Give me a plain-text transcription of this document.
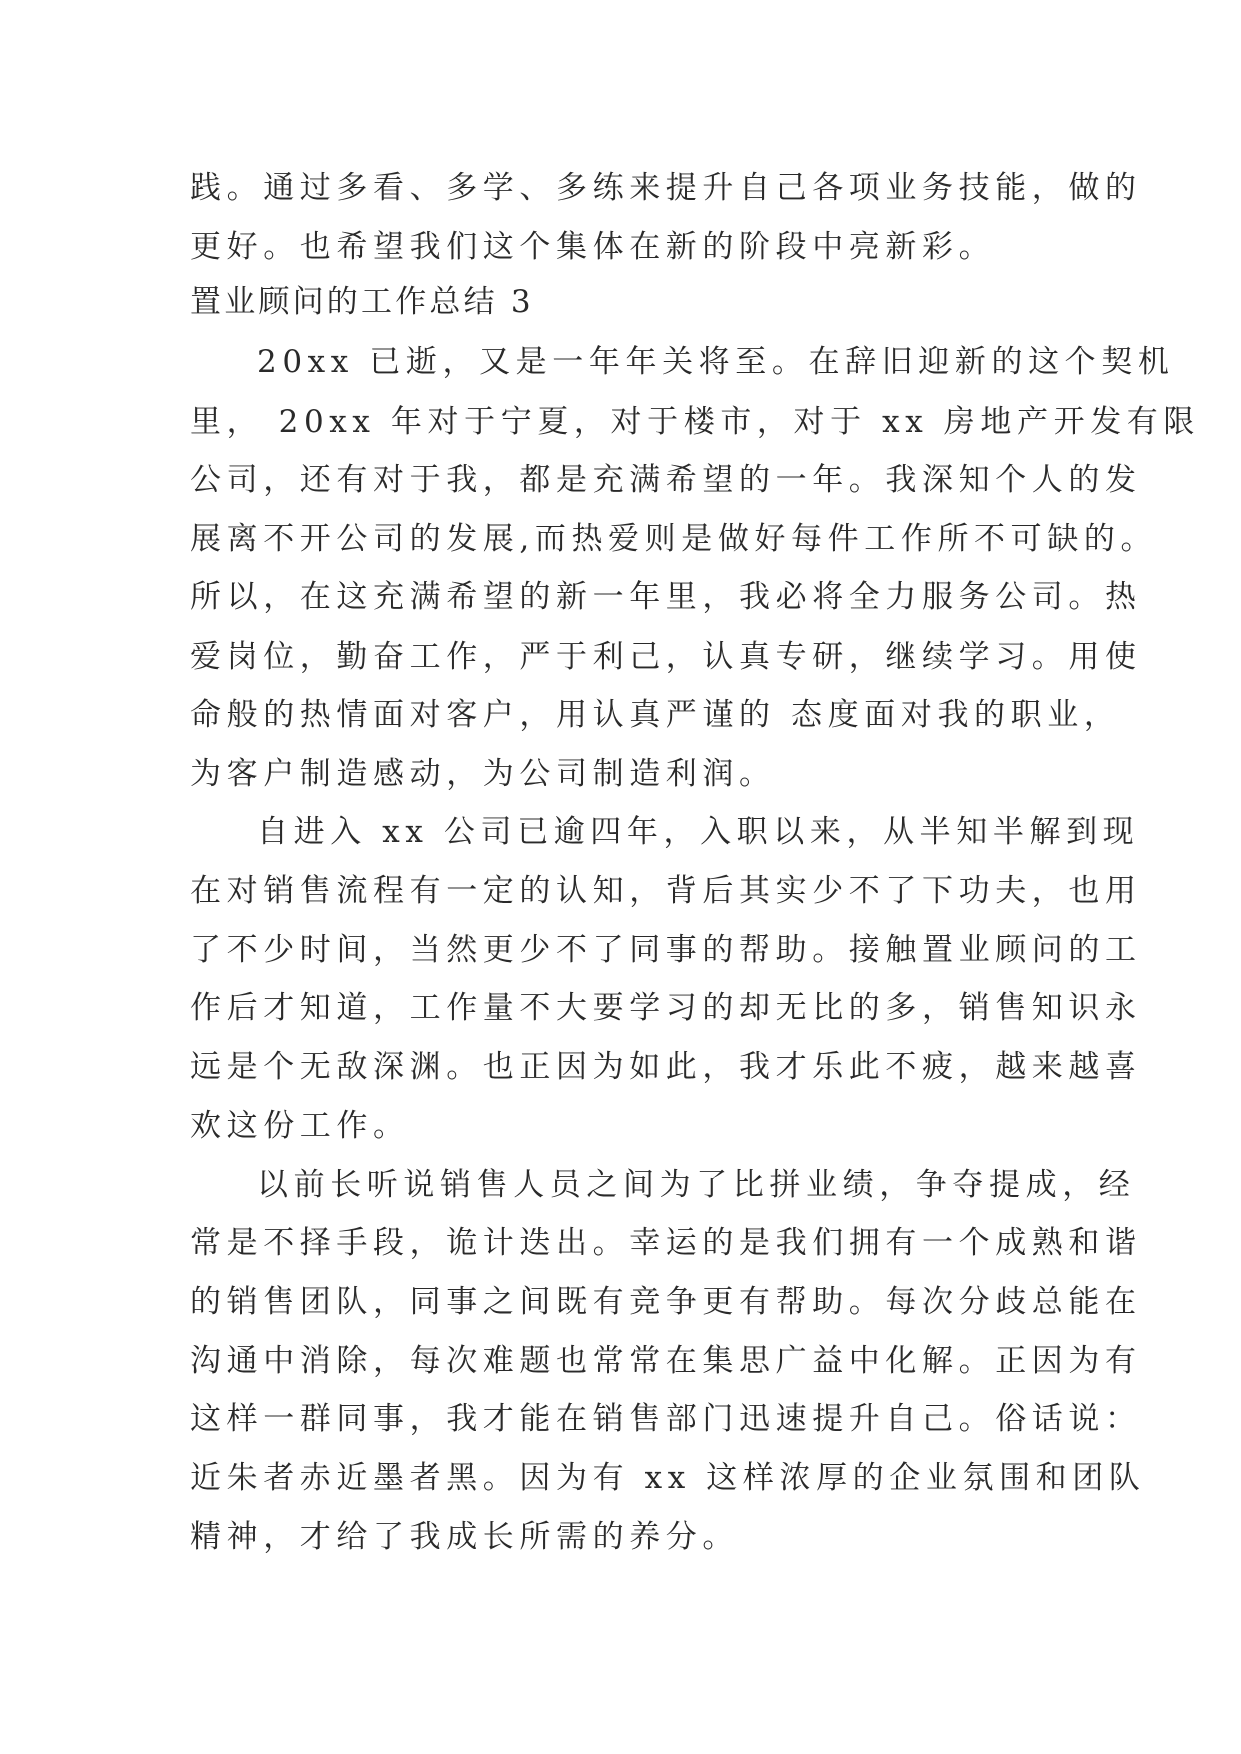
践。通过多看、多学、多练来提升自己各项业务技能，做的
更好。也希望我们这个集体在新的阶段中亮新彩。
置业顾问的工作总结 3
20xx 已逝，又是一年年关将至。在辞旧迎新的这个契机
里， 20xx 年对于宁夏，对于楼市，对于 xx 房地产开发有限
公司，还有对于我，都是充满希望的一年。我深知个人的发
展离不开公司的发展,而热爱则是做好每件工作所不可缺的。
所以，在这充满希望的新一年里，我必将全力服务公司。热
爱岗位，勤奋工作，严于利己，认真专研，继续学习。用使
命般的热情面对客户，用认真严谨的 态度面对我的职业，
为客户制造感动，为公司制造利润。
自进入 xx 公司已逾四年，入职以来，从半知半解到现
在对销售流程有一定的认知，背后其实少不了下功夫，也用
了不少时间，当然更少不了同事的帮助。接触置业顾问的工
作后才知道，工作量不大要学习的却无比的多，销售知识永
远是个无敌深渊。也正因为如此，我才乐此不疲，越来越喜
欢这份工作。
以前长听说销售人员之间为了比拼业绩，争夺提成，经
常是不择手段，诡计迭出。幸运的是我们拥有一个成熟和谐
的销售团队，同事之间既有竞争更有帮助。每次分歧总能在
沟通中消除，每次难题也常常在集思广益中化解。正因为有
这样一群同事，我才能在销售部门迅速提升自己。俗话说：
近朱者赤近墨者黑。因为有 xx 这样浓厚的企业氛围和团队
精神，才给了我成长所需的养分。
